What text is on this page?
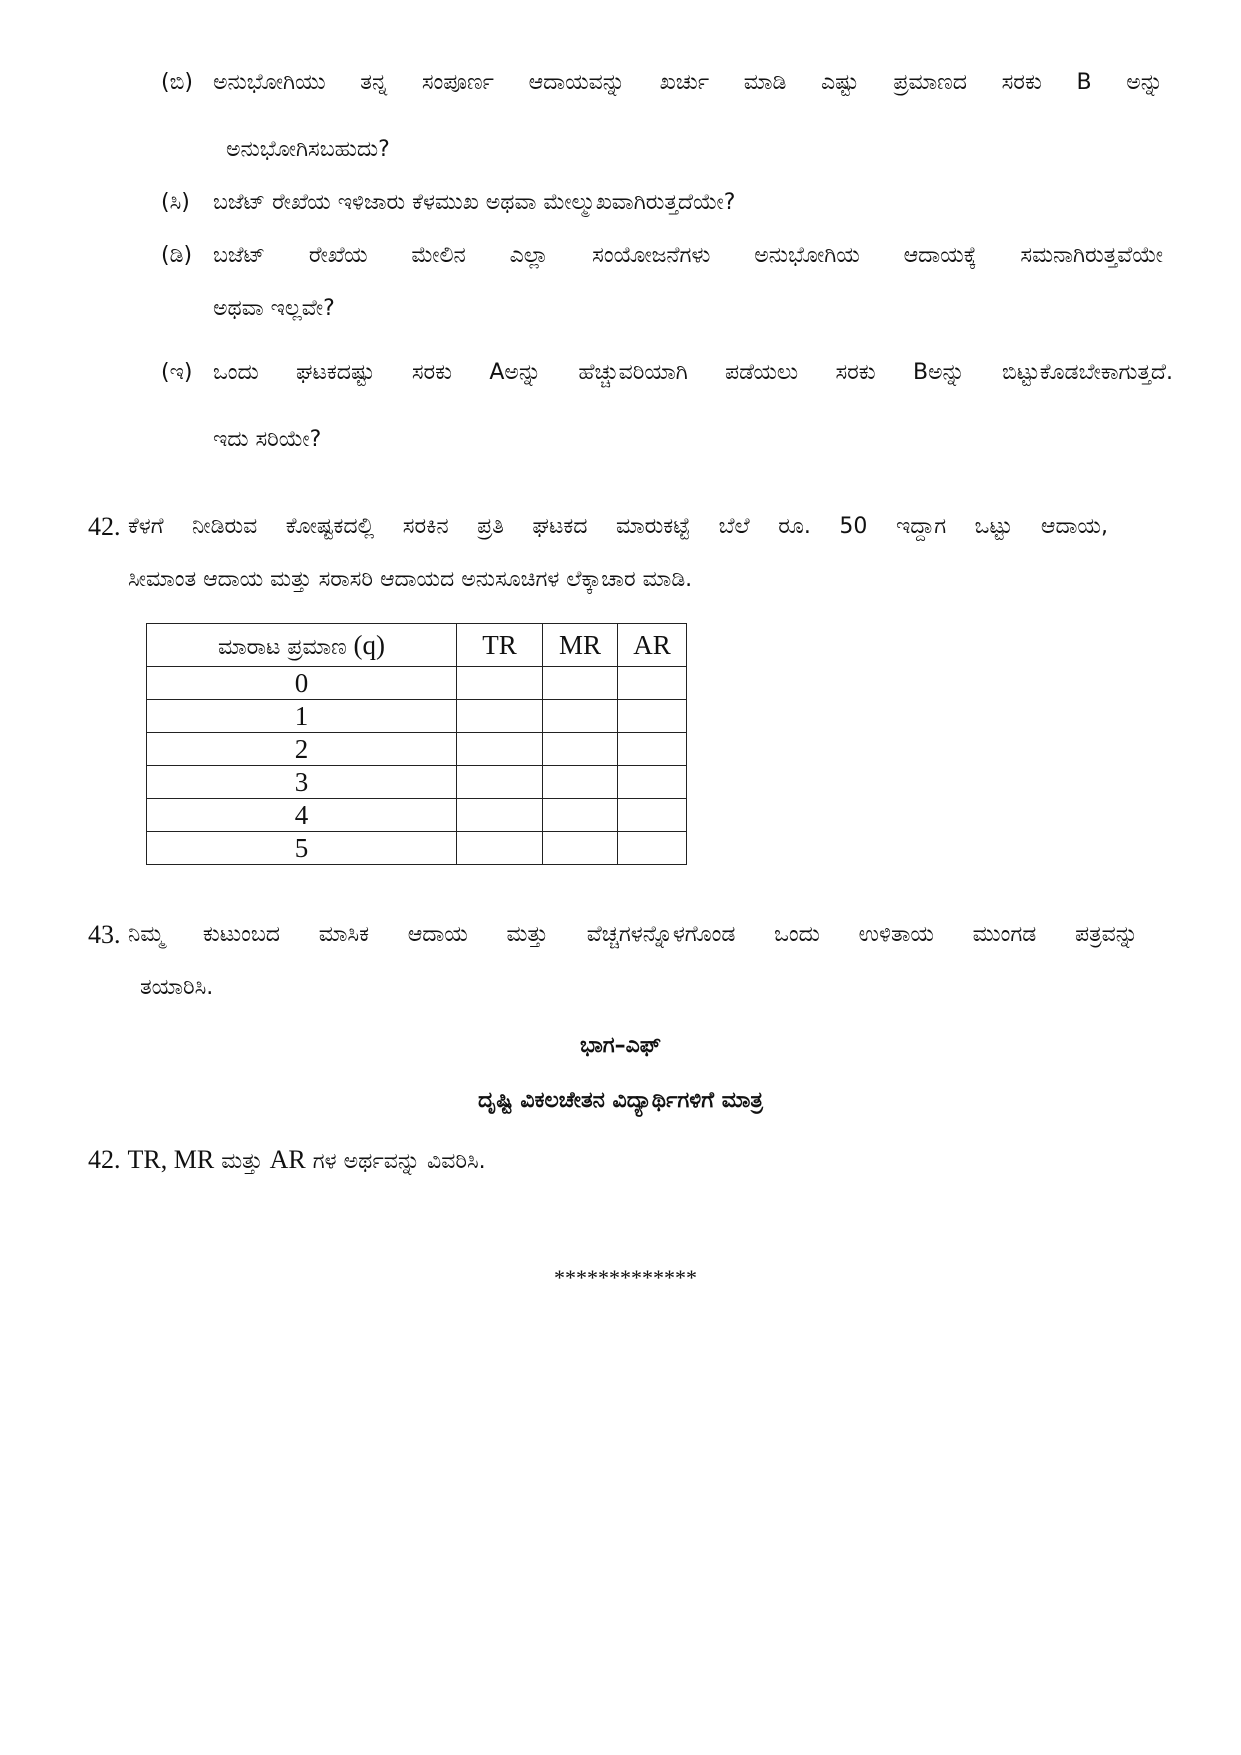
(ಬಿ) ಅನುಭೋಗಿಯು ತನ್ನ ಸಂಪೂರ್ಣ ಆದಾಯವನ್ನು ಖರ್ಚು ಮಾಡಿ ಎಷ್ಟು ಪ್ರಮಾಣದ ಸರಕು B ಅನ್ನು
ಅನುಭೋಗಿಸಬಹುದು?
(ಸಿ) ಬಜೆಟ್ ರೇಖೆಯ ಇಳಿಜಾರು ಕೆಳಮುಖ ಅಥವಾ ಮೇಲ್ಮುಖವಾಗಿರುತ್ತದೆಯೇ?
(ಡಿ) ಬಜೆಟ್ ರೇಖೆಯ ಮೇಲಿನ ಎಲ್ಲಾ ಸಂಯೋಜನೆಗಳು ಅನುಭೋಗಿಯ ಆದಾಯಕ್ಕೆ ಸಮನಾಗಿರುತ್ತವೆಯೇ
ಅಥವಾ ಇಲ್ಲವೇ?
(ಇ) ಒಂದು ಘಟಕದಷ್ಟು ಸರಕು Aಅನ್ನು ಹೆಚ್ಚುವರಿಯಾಗಿ ಪಡೆಯಲು ಸರಕು Bಅನ್ನು ಬಿಟ್ಟುಕೊಡಬೇಕಾಗುತ್ತದೆ.
ಇದು ಸರಿಯೇ?
42. ಕೆಳಗೆ ನೀಡಿರುವ ಕೋಷ್ಟಕದಲ್ಲಿ ಸರಕಿನ ಪ್ರತಿ ಘಟಕದ ಮಾರುಕಟ್ಟೆ ಬೆಲೆ ರೂ. 50 ಇದ್ದಾಗ ಒಟ್ಟು ಆದಾಯ,
ಸೀಮಾಂತ ಆದಾಯ ಮತ್ತು ಸರಾಸರಿ ಆದಾಯದ ಅನುಸೂಚಿಗಳ ಲೆಕ್ಕಾಚಾರ ಮಾಡಿ.
ಮಾರಾಟ ಪ್ರಮಾಣ (q)	TR	MR	AR
0			
1			
2			
3			
4			
5			
43. ನಿಮ್ಮ ಕುಟುಂಬದ ಮಾಸಿಕ ಆದಾಯ ಮತ್ತು ವೆಚ್ಚಗಳನ್ನೊಳಗೊಂಡ ಒಂದು ಉಳಿತಾಯ ಮುಂಗಡ ಪತ್ರವನ್ನು
ತಯಾರಿಸಿ.
ಭಾಗ–ಎಫ್
ದೃಷ್ಟಿ ವಿಕಲಚೇತನ ವಿದ್ಯಾರ್ಥಿಗಳಿಗೆ ಮಾತ್ರ
42. TR, MR ಮತ್ತು AR ಗಳ ಅರ್ಥವನ್ನು ವಿವರಿಸಿ.
*************
